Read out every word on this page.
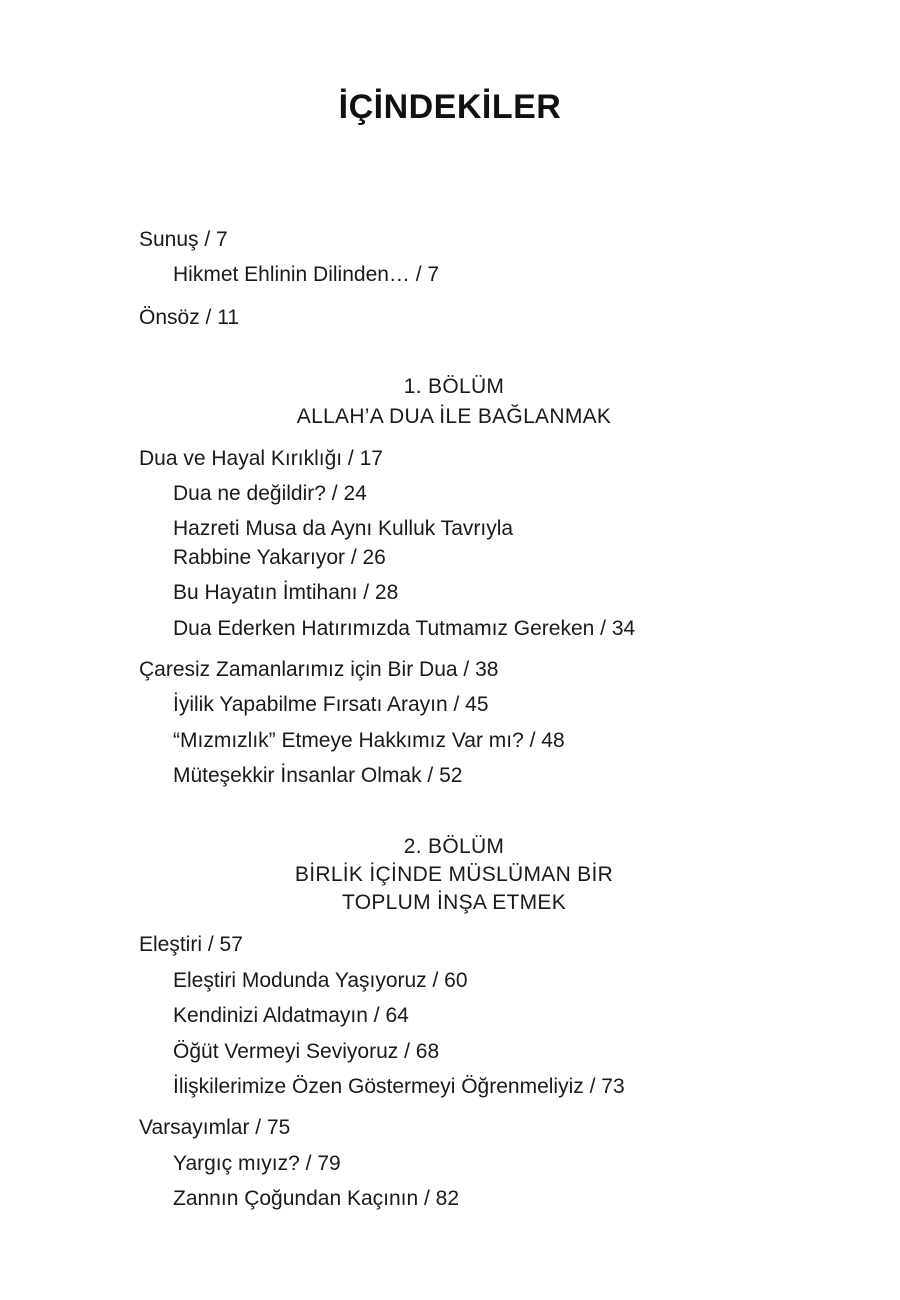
İÇİNDEKİLER
Sunuş / 7
Hikmet Ehlinin Dilinden… / 7
Önsöz / 11
1. BÖLÜM
ALLAH’A DUA İLE BAĞLANMAK
Dua ve Hayal Kırıklığı / 17
Dua ne değildir? / 24
Hazreti Musa da Aynı Kulluk Tavrıyla
Rabbine Yakarıyor / 26
Bu Hayatın İmtihanı / 28
Dua Ederken Hatırımızda Tutmamız Gereken / 34
Çaresiz Zamanlarımız için Bir Dua / 38
İyilik Yapabilme Fırsatı Arayın / 45
“Mızmızlık” Etmeye Hakkımız Var mı? / 48
Müteşekkir İnsanlar Olmak / 52
2. BÖLÜM
BİRLİK İÇİNDE MÜSLÜMAN BİR
TOPLUM İNŞA ETMEK
Eleştiri / 57
Eleştiri Modunda Yaşıyoruz / 60
Kendinizi Aldatmayın / 64
Öğüt Vermeyi Seviyoruz / 68
İlişkilerimize Özen Göstermeyi Öğrenmeliyiz / 73
Varsayımlar / 75
Yargıç mıyız? / 79
Zannın Çoğundan Kaçının / 82
